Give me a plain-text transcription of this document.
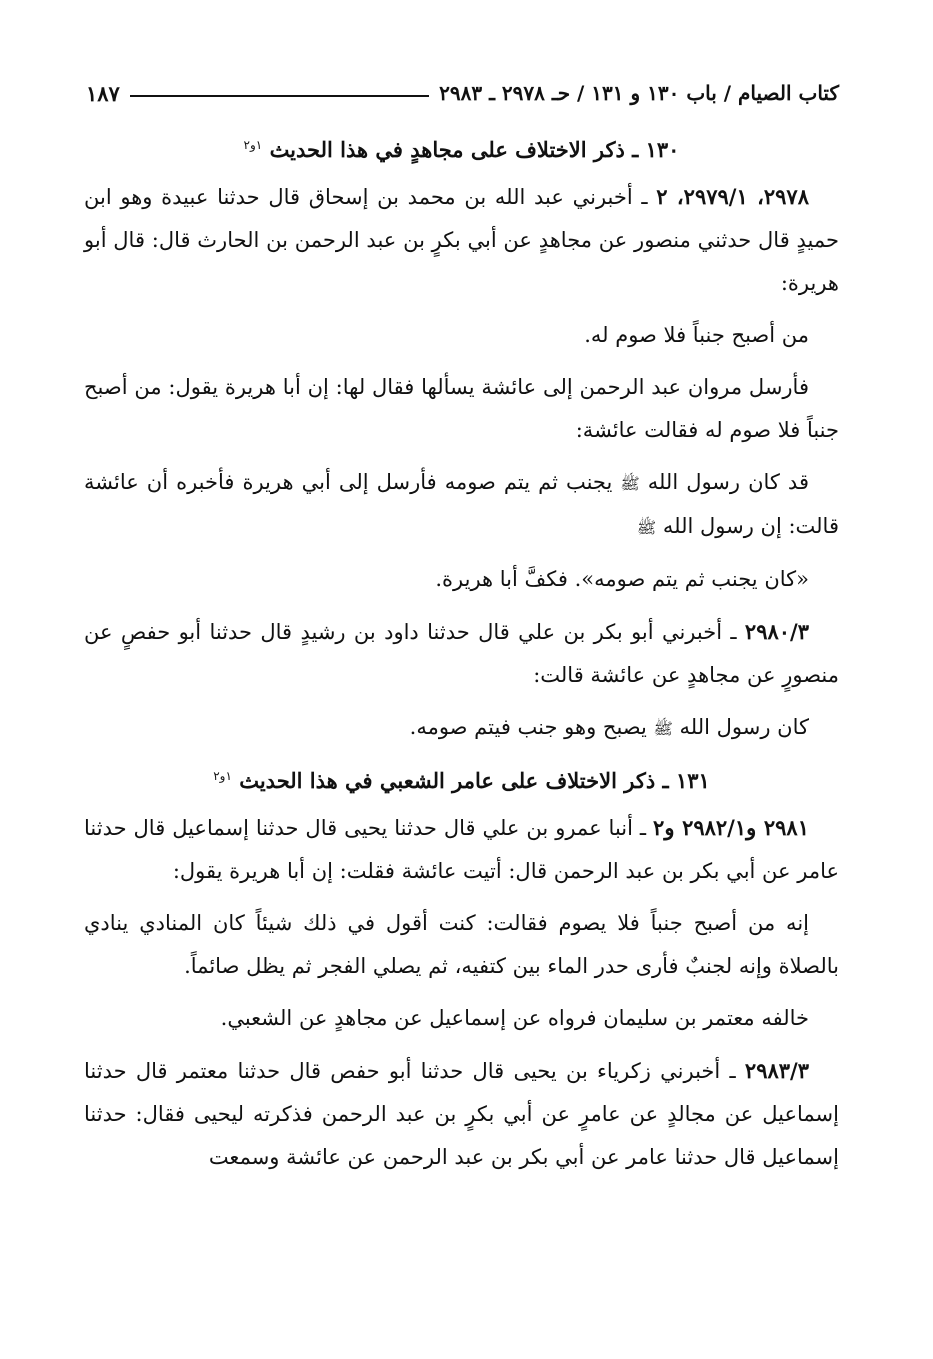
كتاب الصيام / باب ١٣٠ و ١٣١ / حـ ٢٩٧٨ ـ ٢٩٨٣
١٨٧
١٣٠ ـ ذكر الاختلاف على مجاهدٍ في هذا الحديث $^{١و٢}$

٢٩٧٨، ٢٩٧٩/١، ٢ ـ أخبرني عبد الله بن محمد بن إسحاق قال حدثنا عبيدة وهو ابن حميدٍ قال حدثني منصور عن مجاهدٍ عن أبي بكرٍ بن عبد الرحمن بن الحارث قال: قال أبو هريرة:

من أصبح جنباً فلا صوم له.

فأرسل مروان عبد الرحمن إلى عائشة يسألها فقال لها: إن أبا هريرة يقول: من أصبح جنباً فلا صوم له فقالت عائشة:

قد كان رسول الله ﷺ يجنب ثم يتم صومه فأرسل إلى أبي هريرة فأخبره أن عائشة قالت: إن رسول الله ﷺ

«كان يجنب ثم يتم صومه». فكفَّ أبا هريرة.

٢٩٨٠/٣ ـ أخبرني أبو بكر بن علي قال حدثنا داود بن رشيدٍ قال حدثنا أبو حفصٍ عن منصورٍ عن مجاهدٍ عن عائشة قالت:

كان رسول الله ﷺ يصبح وهو جنب فيتم صومه.

١٣١ ـ ذكر الاختلاف على عامر الشعبي في هذا الحديث $^{١و٢}$

٢٩٨١ و٢٩٨٢/١ و٢ ـ أنبا عمرو بن علي قال حدثنا يحيى قال حدثنا إسماعيل قال حدثنا عامر عن أبي بكر بن عبد الرحمن قال: أتيت عائشة فقلت: إن أبا هريرة يقول:

إنه من أصبح جنباً فلا يصوم فقالت: كنت أقول في ذلك شيئاً كان المنادي ينادي بالصلاة وإنه لجنبٌ فأرى حدر الماء بين كتفيه، ثم يصلي الفجر ثم يظل صائماً.

خالفه معتمر بن سليمان فرواه عن إسماعيل عن مجاهدٍ عن الشعبي.

٢٩٨٣/٣ ـ أخبرني زكرياء بن يحيى قال حدثنا أبو حفص قال حدثنا معتمر قال حدثنا إسماعيل عن مجالدٍ عن عامرٍ عن أبي بكرٍ بن عبد الرحمن فذكرته ليحيى فقال: حدثنا إسماعيل قال حدثنا عامر عن أبي بكر بن عبد الرحمن عن عائشة وسمعت
